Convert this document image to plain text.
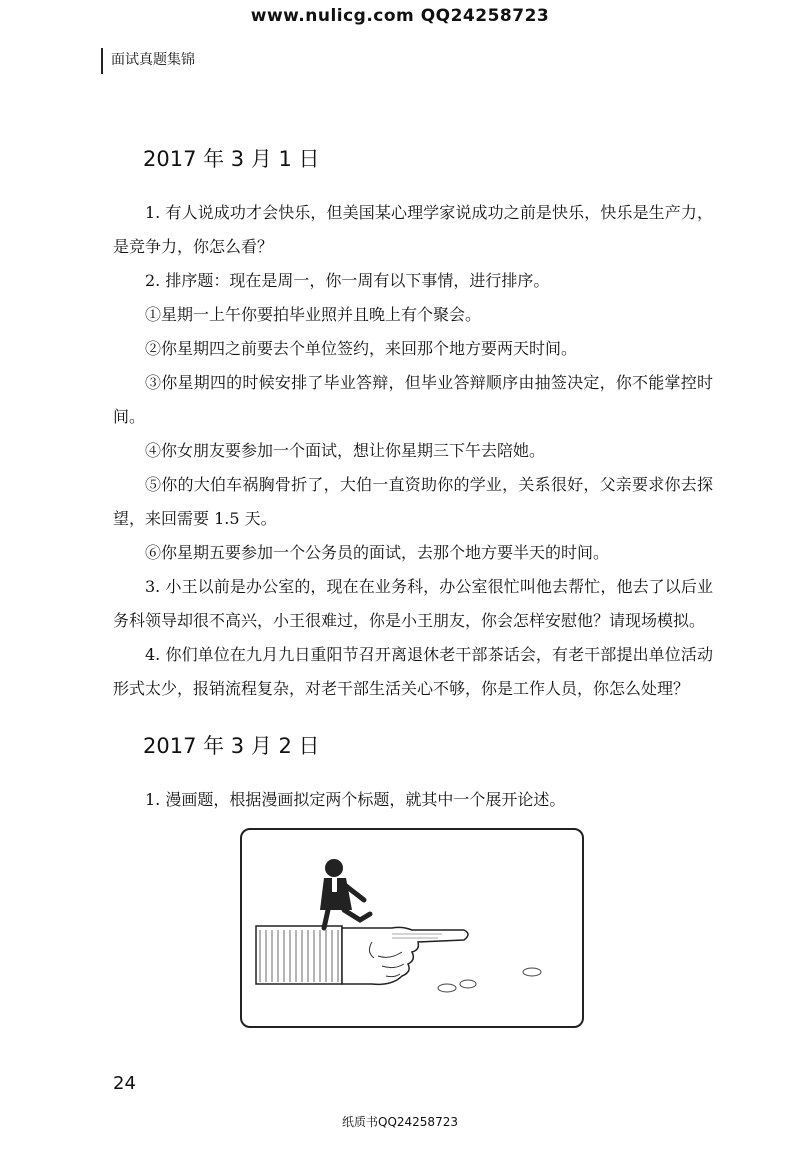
www.nulicg.com QQ24258723
面试真题集锦
2017 年 3 月 1 日
1. 有人说成功才会快乐，但美国某心理学家说成功之前是快乐，快乐是生产力，是竞争力，你怎么看？
2. 排序题：现在是周一，你一周有以下事情，进行排序。
①星期一上午你要拍毕业照并且晚上有个聚会。
②你星期四之前要去个单位签约，来回那个地方要两天时间。
③你星期四的时候安排了毕业答辩，但毕业答辩顺序由抽签决定，你不能掌控时间。
④你女朋友要参加一个面试，想让你星期三下午去陪她。
⑤你的大伯车祸胸骨折了，大伯一直资助你的学业，关系很好，父亲要求你去探望，来回需要 1.5 天。
⑥你星期五要参加一个公务员的面试，去那个地方要半天的时间。
3. 小王以前是办公室的，现在在业务科，办公室很忙叫他去帮忙，他去了以后业务科领导却很不高兴，小王很难过，你是小王朋友，你会怎样安慰他？请现场模拟。
4. 你们单位在九月九日重阳节召开离退休老干部茶话会，有老干部提出单位活动形式太少，报销流程复杂，对老干部生活关心不够，你是工作人员，你怎么处理？
2017 年 3 月 2 日
1. 漫画题，根据漫画拟定两个标题，就其中一个展开论述。
24
纸质书QQ24258723
